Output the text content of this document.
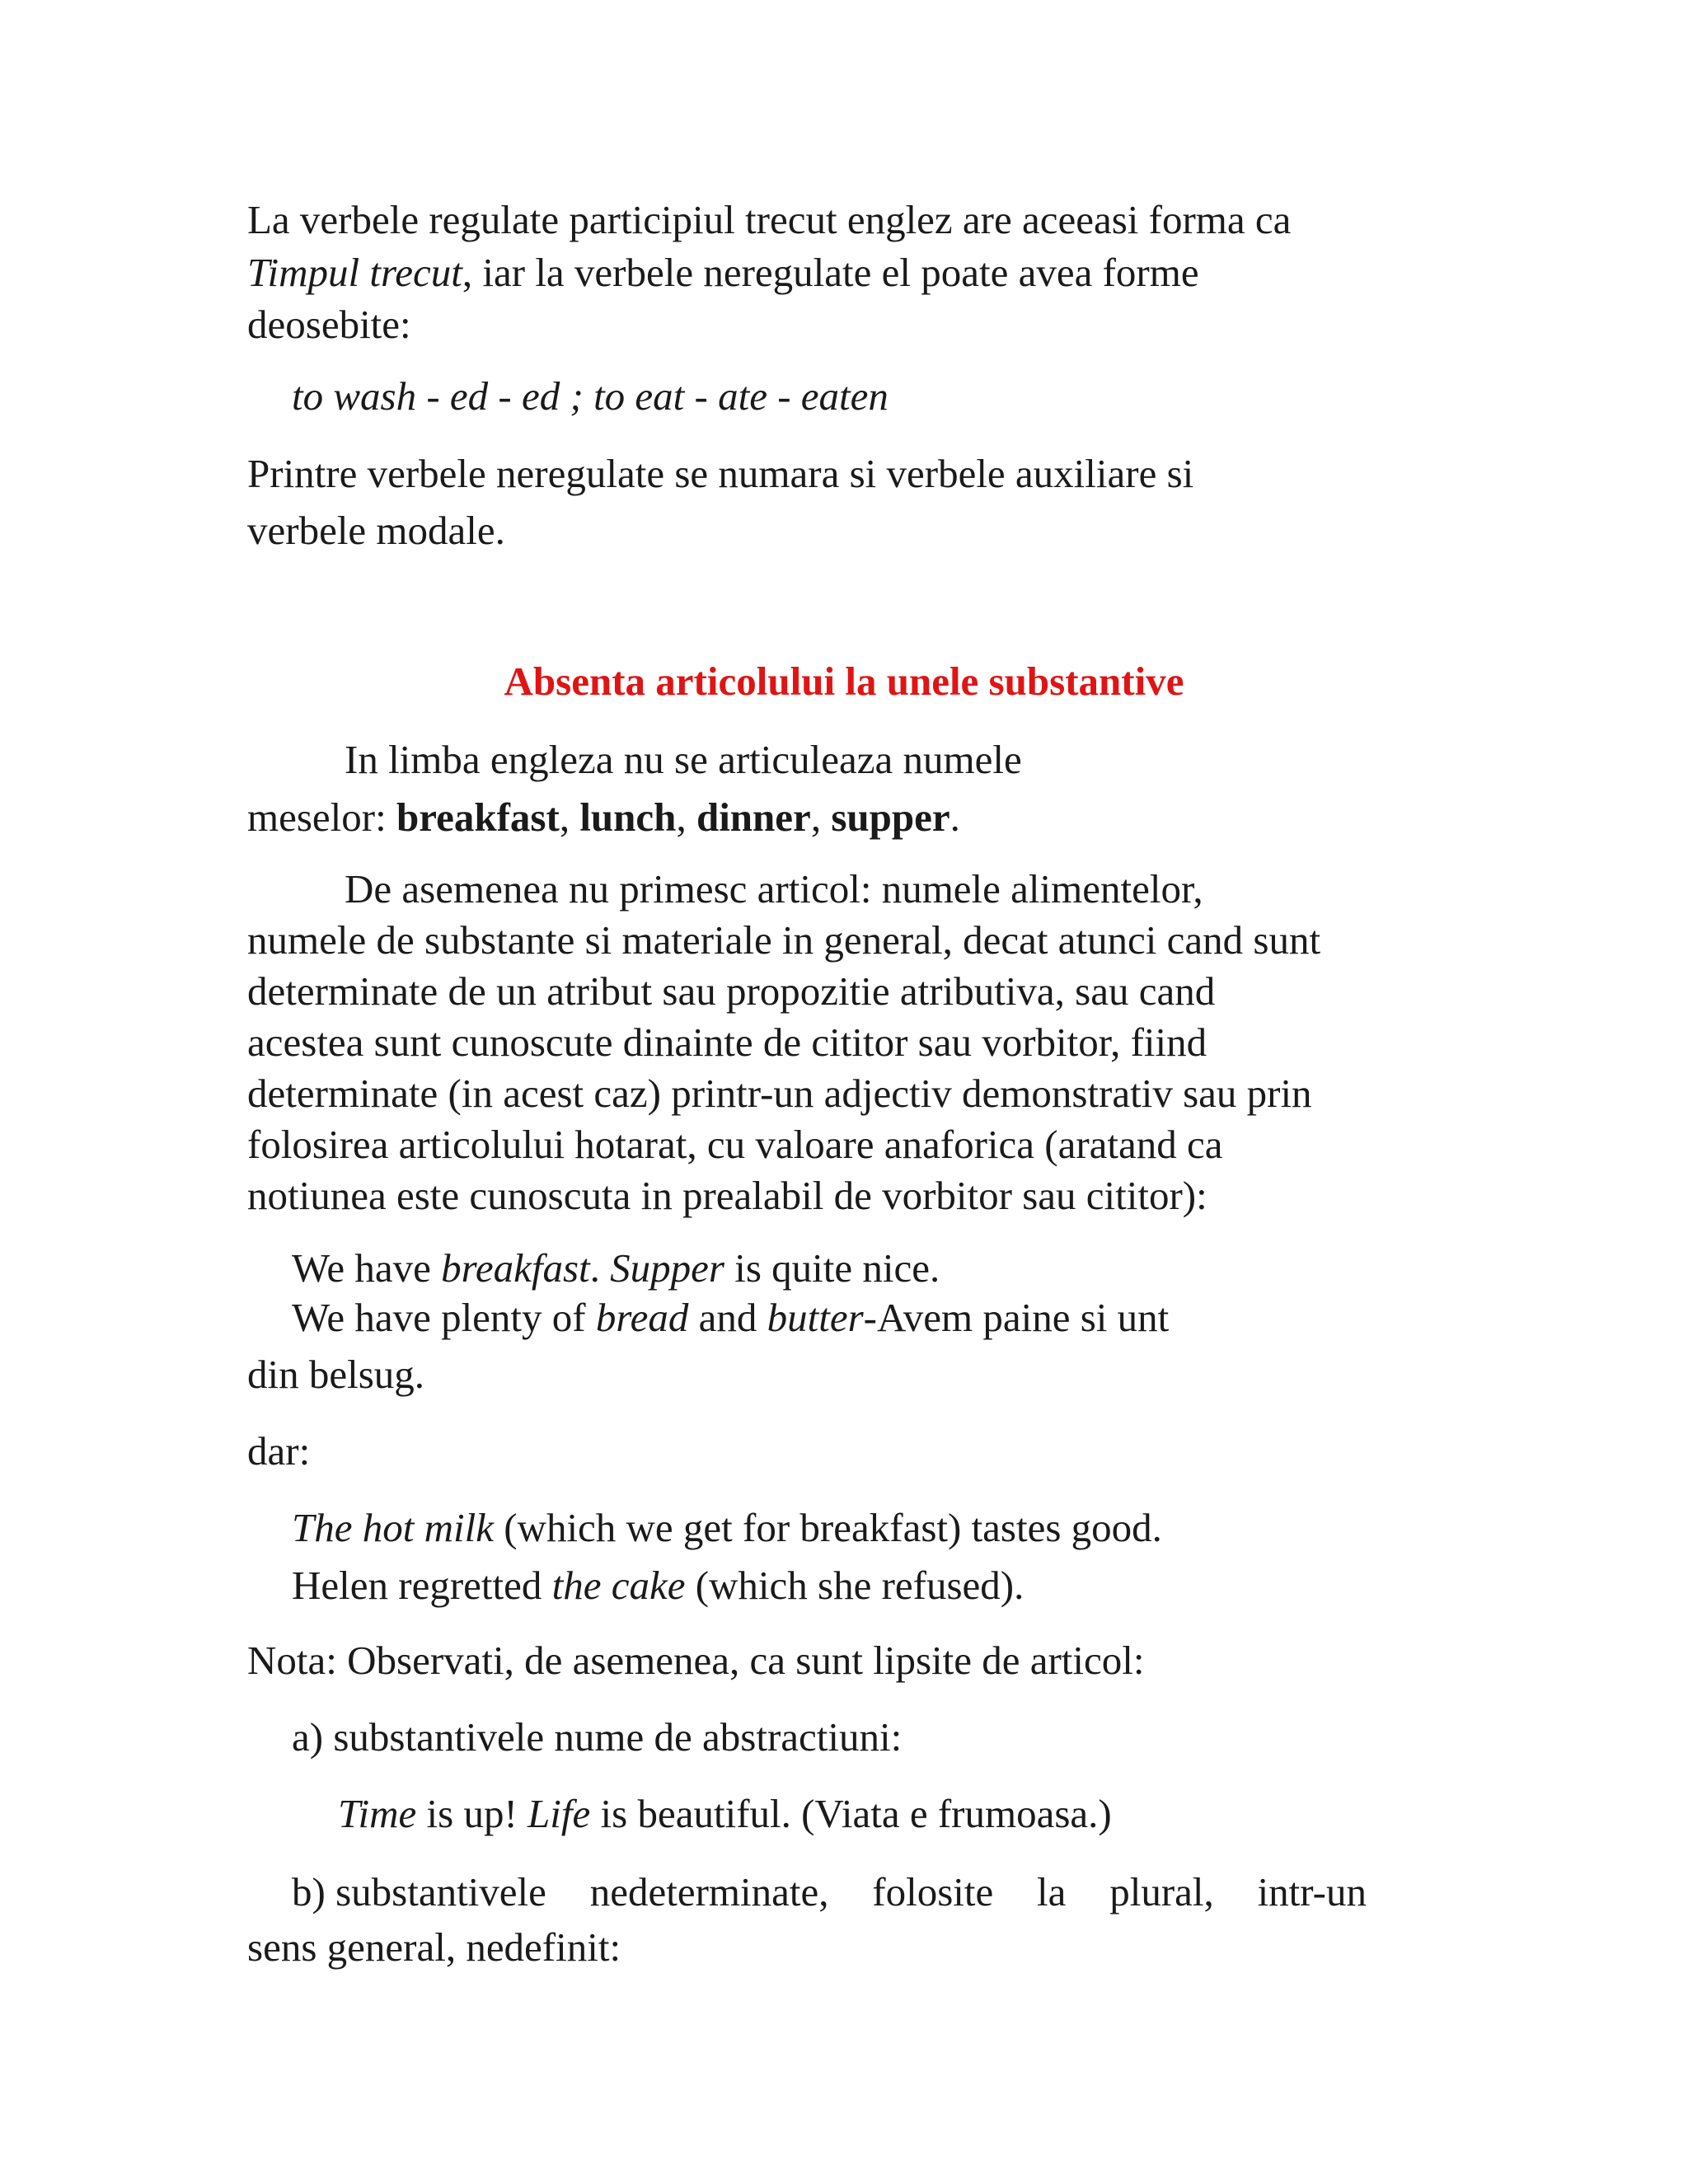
La verbele regulate participiul trecut englez are aceeasi forma ca
Timpul trecut, iar la verbele neregulate el poate avea forme
deosebite:
to wash - ed - ed ; to eat - ate - eaten
Printre verbele neregulate se numara si verbele auxiliare si
verbele modale.
Absenta articolului la unele substantive
In limba engleza nu se articuleaza numele
meselor: breakfast, lunch, dinner, supper.
De asemenea nu primesc articol: numele alimentelor,
numele de substante si materiale in general, decat atunci cand sunt
determinate de un atribut sau propozitie atributiva, sau cand
acestea sunt cunoscute dinainte de cititor sau vorbitor, fiind
determinate (in acest caz) printr-un adjectiv demonstrativ sau prin
folosirea articolului hotarat, cu valoare anaforica (aratand ca
notiunea este cunoscuta in prealabil de vorbitor sau cititor):
We have breakfast. Supper is quite nice.
We have plenty of bread and butter-Avem paine si unt
din belsug.
dar:
The hot milk (which we get for breakfast) tastes good.
Helen regretted the cake (which she refused).
Nota: Observati, de asemenea, ca sunt lipsite de articol:
a) substantivele nume de abstractiuni:
Time is up! Life is beautiful. (Viata e frumoasa.)
b) substantivele nedeterminate, folosite la plural, intr-un
sens general, nedefinit:
